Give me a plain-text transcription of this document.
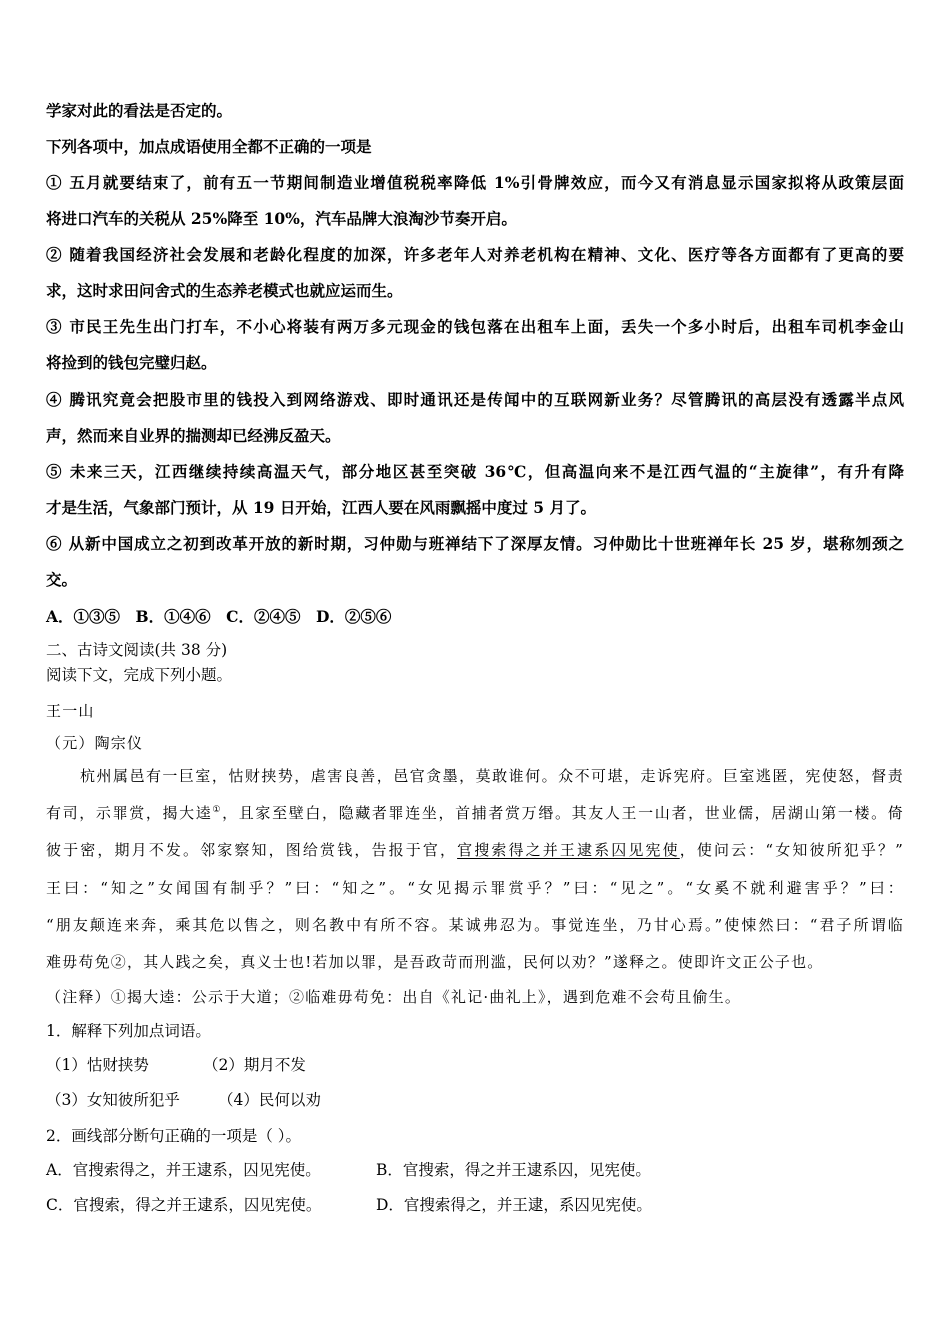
学家对此的看法是否定的。
下列各项中，加点成语使用全都不正确的一项是
① 五月就要结束了，前有五一节期间制造业增值税税率降低 1%引骨牌效应，而今又有消息显示国家拟将从政策层面
将进口汽车的关税从 25%降至 10%，汽车品牌大浪淘沙节奏开启。
② 随着我国经济社会发展和老龄化程度的加深，许多老年人对养老机构在精神、文化、医疗等各方面都有了更高的要
求，这时求田问舍式的生态养老模式也就应运而生。
③ 市民王先生出门打车，不小心将装有两万多元现金的钱包落在出租车上面，丢失一个多小时后，出租车司机李金山
将捡到的钱包完璧归赵。
④ 腾讯究竟会把股市里的钱投入到网络游戏、即时通讯还是传闻中的互联网新业务？尽管腾讯的高层没有透露半点风
声，然而来自业界的揣测却已经沸反盈天。
⑤ 未来三天，江西继续持续高温天气，部分地区甚至突破 36℃，但高温向来不是江西气温的“主旋律”，有升有降
才是生活，气象部门预计，从 19 日开始，江西人要在风雨飘摇中度过 5 月了。
⑥ 从新中国成立之初到改革开放的新时期，习仲勋与班禅结下了深厚友情。习仲勋比十世班禅年长 25 岁，堪称刎颈之
交。
A．①③⑤　B．①④⑥　C．②④⑤　D．②⑤⑥
二、古诗文阅读(共 38 分)
阅读下文，完成下列小题。
王一山
（元）陶宗仪
杭州属邑有一巨室，怙财挟势，虐害良善，邑官贪墨，莫敢谁何。众不可堪，走诉宪府。巨室逃匿，宪使怒，督责
有司，示罪赏，揭大逵①，且家至壁白，隐藏者罪连坐，首捕者赏万缗。其友人王一山者，世业儒，居湖山第一楼。倚
彼于密，期月不发。邻家察知，图给赏钱，告报于官，官搜索得之并王逮系囚见宪使，使问云：“女知彼所犯乎？”
王曰：“知之”女闻国有制乎？”曰：“知之”。“女见揭示罪赏乎？”曰：“见之”。“女奚不就利避害乎？”曰：
“朋友颠连来奔，乘其危以售之，则名教中有所不容。某诚弗忍为。事觉连坐，乃甘心焉。”使悚然曰：“君子所谓临
难毋苟免②，其人践之矣，真义士也!若加以罪，是吾政苛而刑滥，民何以劝？”遂释之。使即许文正公子也。
（注释）①揭大逵：公示于大道；②临难毋苟免：出自《礼记·曲礼上》，遇到危难不会苟且偷生。
1．解释下列加点词语。
（1）怙财挟势	（2）期月不发
（3）女知彼所犯乎 （4）民何以劝
2．画线部分断句正确的一项是（ ）。
A．官搜索得之，并王逮系，囚见宪使。	B．官搜索，得之并王逮系囚，见宪使。
C．官搜索，得之并王逮系，囚见宪使。	D．官搜索得之，并王逮，系囚见宪使。
